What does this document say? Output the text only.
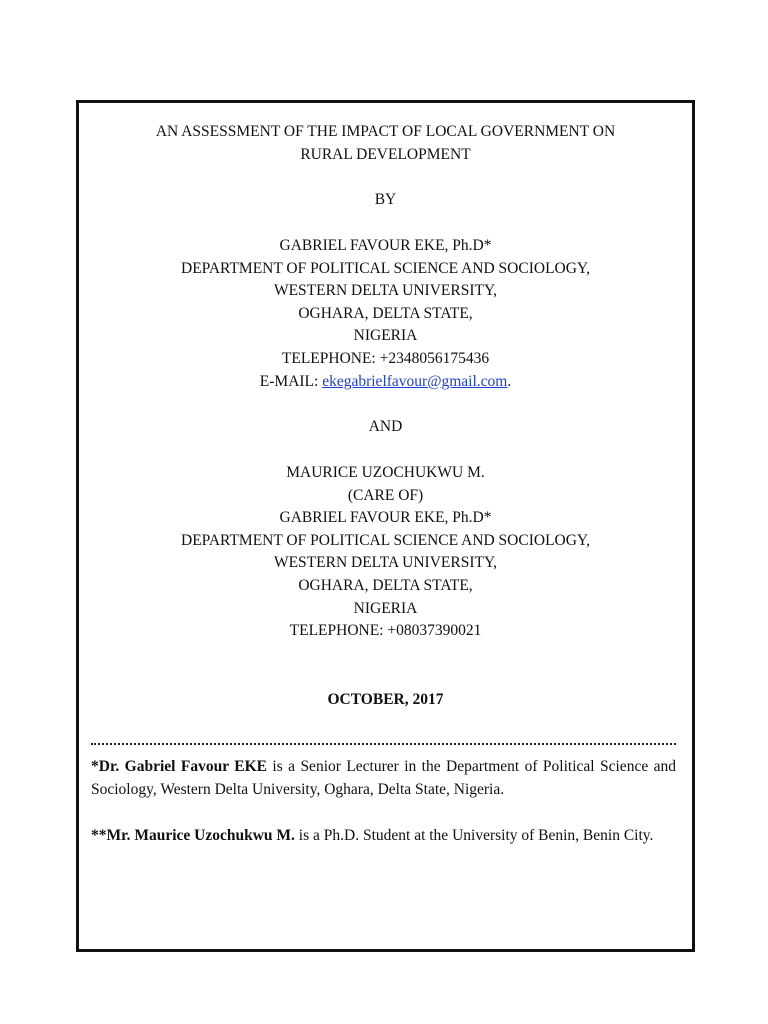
AN ASSESSMENT OF THE IMPACT OF LOCAL GOVERNMENT ON
RURAL DEVELOPMENT
BY
GABRIEL FAVOUR EKE, Ph.D*
DEPARTMENT OF POLITICAL SCIENCE AND SOCIOLOGY,
WESTERN DELTA UNIVERSITY,
OGHARA, DELTA STATE,
NIGERIA
TELEPHONE: +2348056175436
E-MAIL: ekegabrielfavour@gmail.com.
AND
MAURICE UZOCHUKWU M.
(CARE OF)
GABRIEL FAVOUR EKE, Ph.D*
DEPARTMENT OF POLITICAL SCIENCE AND SOCIOLOGY,
WESTERN DELTA UNIVERSITY,
OGHARA, DELTA STATE,
NIGERIA
TELEPHONE: +08037390021
OCTOBER, 2017
*Dr. Gabriel Favour EKE is a Senior Lecturer in the Department of Political Science and Sociology, Western Delta University, Oghara, Delta State, Nigeria.
**Mr. Maurice Uzochukwu M. is a Ph.D. Student at the University of Benin, Benin City.
